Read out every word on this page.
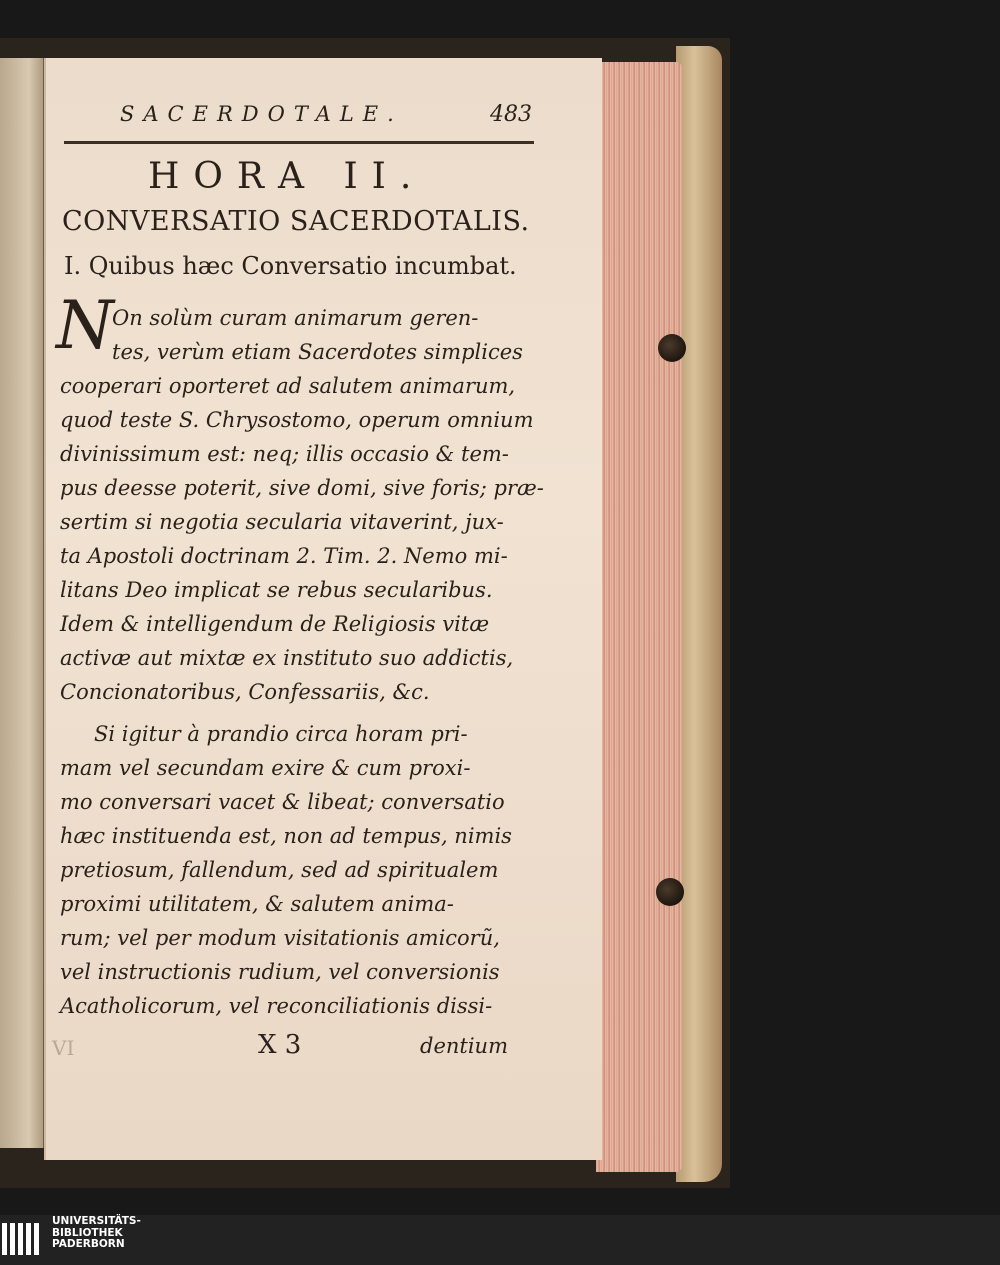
SACERDOTALE.	483
HORA II.
CONVERSATIO SACERDOTALIS.
I. Quibus hæc Conversatio incumbat.
N
On solùm curam animarum geren-
tes, verùm etiam Sacerdotes simplices
cooperari oporteret ad salutem animarum,
quod teste S. Chrysostomo, operum omnium
divinissimum est: neq; illis occasio & tem-
pus deesse poterit, sive domi, sive foris; præ-
sertim si negotia secularia vitaverint, jux-
ta Apostoli doctrinam 2. Tim. 2. Nemo mi-
litans Deo implicat se rebus secularibus.
Idem & intelligendum de Religiosis vitæ
activæ aut mixtæ ex instituto suo addictis,
Concionatoribus, Confessariis, &c.
Si igitur à prandio circa horam pri-
mam vel secundam exire & cum proxi-
mo conversari vacet & libeat; conversatio
hæc instituenda est, non ad tempus, nimis
pretiosum, fallendum, sed ad spiritualem
proximi utilitatem, & salutem anima-
rum; vel per modum visitationis amicorũ,
vel instructionis rudium, vel conversionis
Acatholicorum, vel reconciliationis dissi-
VI	X 3	dentium
UNIVERSITÄTS-
BIBLIOTHEK
PADERBORN
